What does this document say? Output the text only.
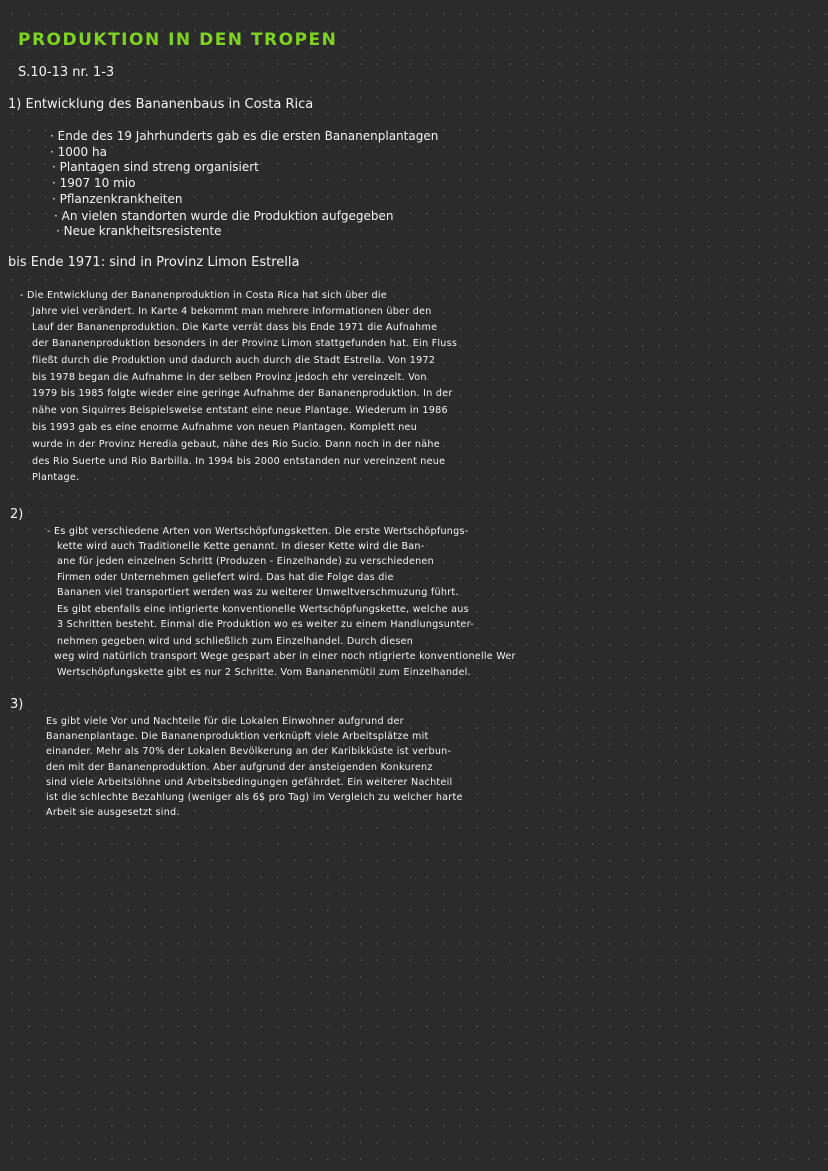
PRODUKTION IN DEN TROPEN
S.10-13 nr. 1-3
1) Entwicklung des Bananenbaus in Costa Rica
· Ende des 19 Jahrhunderts gab es die ersten Bananenplantagen
· 1000 ha
· Plantagen sind streng organisiert
· 1907 10 mio
· Pflanzenkrankheiten
· An vielen standorten wurde die Produktion aufgegeben
· Neue krankheitsresistente
bis Ende 1971: sind in Provinz Limon Estrella
- Die Entwicklung der Bananenproduktion in Costa Rica hat sich über die
Jahre viel verändert. In Karte 4 bekommt man mehrere Informationen über den
Lauf der Bananenproduktion. Die Karte verrät dass bis Ende 1971 die Aufnahme
der Bananenproduktion besonders in der Provinz Limon stattgefunden hat. Ein Fluss
fließt durch die Produktion und dadurch auch durch die Stadt Estrella. Von 1972
bis 1978 began die Aufnahme in der selben Provinz jedoch ehr vereinzelt. Von
1979 bis 1985 folgte wieder eine geringe Aufnahme der Bananenproduktion. In der
nähe von Siquirres Beispielsweise entstant eine neue Plantage. Wiederum in 1986
bis 1993 gab es eine enorme Aufnahme von neuen Plantagen. Komplett neu
wurde in der Provinz Heredia gebaut, nähe des Rio Sucio. Dann noch in der nähe
des Rio Suerte und Rio Barbilla. In 1994 bis 2000 entstanden nur vereinzent neue
Plantage.
2)
- Es gibt verschiedene Arten von Wertschöpfungsketten. Die erste Wertschöpfungs-
kette wird auch Traditionelle Kette genannt. In dieser Kette wird die Ban-
ane für jeden einzelnen Schritt (Produzen - Einzelhande) zu verschiedenen
Firmen oder Unternehmen geliefert wird. Das hat die Folge das die
Bananen viel transportiert werden was zu weiterer Umweltverschmuzung führt.
Es gibt ebenfalls eine intigrierte konventionelle Wertschöpfungskette, welche aus
3 Schritten besteht. Einmal die Produktion wo es weiter zu einem Handlungsunter-
nehmen gegeben wird und schließlich zum Einzelhandel. Durch diesen
weg wird natürlich transport Wege gespart aber in einer noch ntigrierte konventionelle Wer
Wertschöpfungskette gibt es nur 2 Schritte. Vom Bananenmütil zum Einzelhandel.
3)
Es gibt viele Vor und Nachteile für die Lokalen Einwohner aufgrund der
Bananenplantage. Die Bananenproduktion verknüpft viele Arbeitsplätze mit
einander. Mehr als 70% der Lokalen Bevölkerung an der Karibikküste ist verbun-
den mit der Bananenproduktion. Aber aufgrund der ansteigenden Konkurenz
sind viele Arbeitslöhne und Arbeitsbedingungen gefährdet. Ein weiterer Nachteil
ist die schlechte Bezahlung (weniger als 6$ pro Tag) im Vergleich zu welcher harte
Arbeit sie ausgesetzt sind.
